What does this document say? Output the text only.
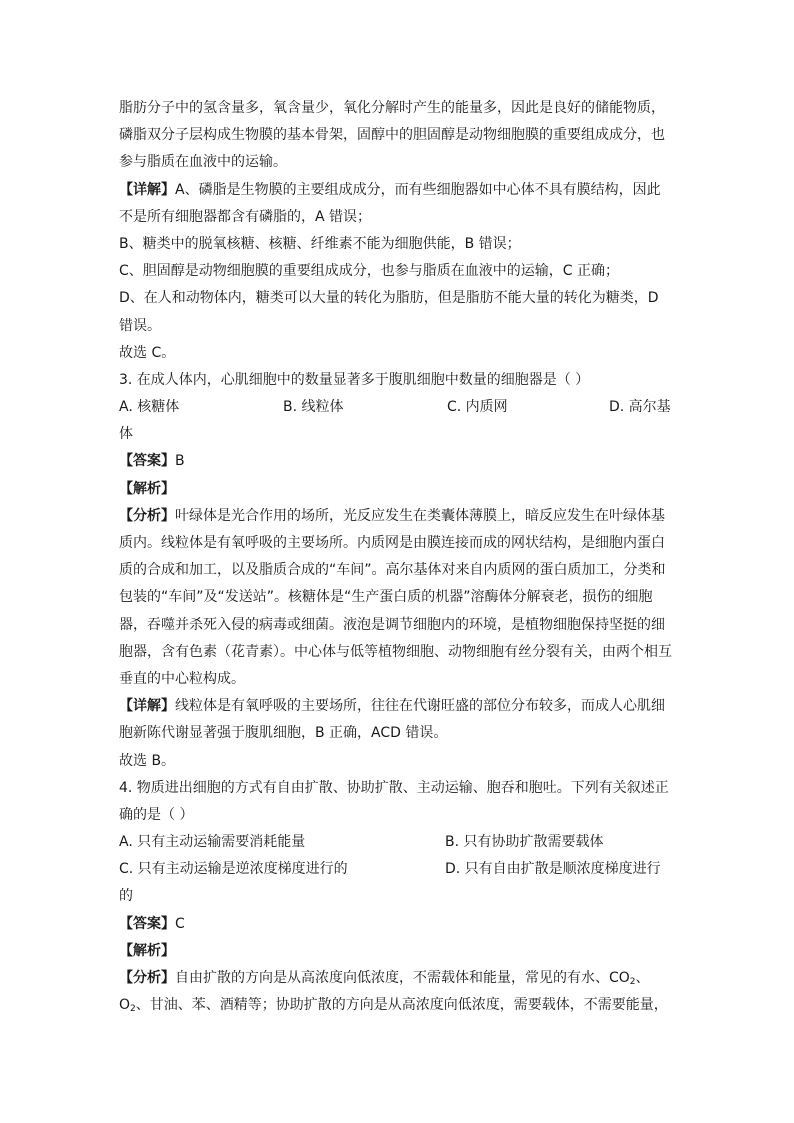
脂肪分子中的氢含量多，氧含量少，氧化分解时产生的能量多，因此是良好的储能物质，
磷脂双分子层构成生物膜的基本骨架，固醇中的胆固醇是动物细胞膜的重要组成成分，也
参与脂质在血液中的运输。
【详解】A、磷脂是生物膜的主要组成成分，而有些细胞器如中心体不具有膜结构，因此
不是所有细胞器都含有磷脂的，A 错误；
B、糖类中的脱氧核糖、核糖、纤维素不能为细胞供能，B 错误；
C、胆固醇是动物细胞膜的重要组成成分，也参与脂质在血液中的运输，C 正确；
D、在人和动物体内，糖类可以大量的转化为脂肪，但是脂肪不能大量的转化为糖类，D
错误。
故选 C。
3. 在成人体内，心肌细胞中的数量显著多于腹肌细胞中数量的细胞器是（ ）
A. 核糖体	B. 线粒体	C. 内质网	D. 高尔基
体
【答案】B
【解析】
【分析】叶绿体是光合作用的场所，光反应发生在类囊体薄膜上，暗反应发生在叶绿体基
质内。线粒体是有氧呼吸的主要场所。内质网是由膜连接而成的网状结构，是细胞内蛋白
质的合成和加工，以及脂质合成的“车间”。高尔基体对来自内质网的蛋白质加工，分类和
包装的“车间”及“发送站”。核糖体是“生产蛋白质的机器”溶酶体分解衰老，损伤的细胞
器，吞噬并杀死入侵的病毒或细菌。液泡是调节细胞内的环境，是植物细胞保持坚挺的细
胞器，含有色素（花青素）。中心体与低等植物细胞、动物细胞有丝分裂有关，由两个相互
垂直的中心粒构成。
【详解】线粒体是有氧呼吸的主要场所，往往在代谢旺盛的部位分布较多，而成人心肌细
胞新陈代谢显著强于腹肌细胞，B 正确，ACD 错误。
故选 B。
4. 物质进出细胞的方式有自由扩散、协助扩散、主动运输、胞吞和胞吐。下列有关叙述正
确的是（ ）
A. 只有主动运输需要消耗能量	B. 只有协助扩散需要载体
C. 只有主动运输是逆浓度梯度进行的	D. 只有自由扩散是顺浓度梯度进行
的
【答案】C
【解析】
【分析】自由扩散的方向是从高浓度向低浓度，不需载体和能量，常见的有水、$CO_2$、
$O_2$、甘油、苯、酒精等；协助扩散的方向是从高浓度向低浓度，需要载体，不需要能量，
